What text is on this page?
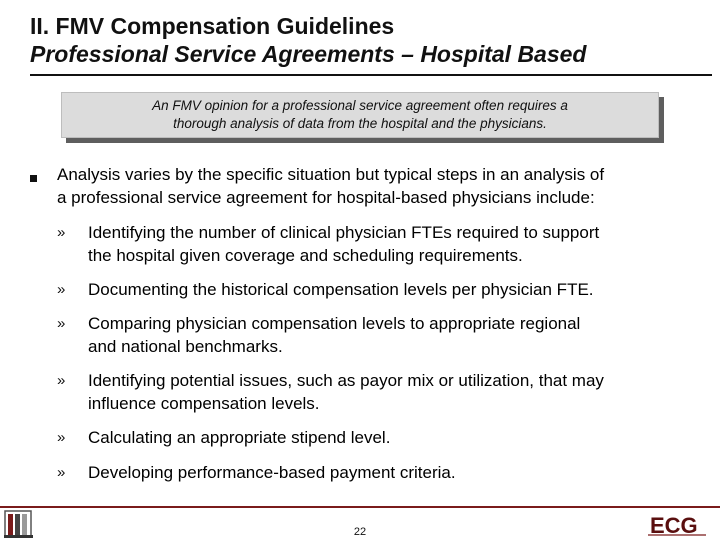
II. FMV Compensation Guidelines
Professional Service Agreements – Hospital Based
An FMV opinion for a professional service agreement often requires a
thorough analysis of data from the hospital and the physicians.
Analysis varies by the specific situation but typical steps in an analysis of
a professional service agreement for hospital-based physicians include:
» Identifying the number of clinical physician FTEs required to support
the hospital given coverage and scheduling requirements.
» Documenting the historical compensation levels per physician FTE.
» Comparing physician compensation levels to appropriate regional
and national benchmarks.
» Identifying potential issues, such as payor mix or utilization, that may
influence compensation levels.
» Calculating an appropriate stipend level.
» Developing performance-based payment criteria.
22	ECG
